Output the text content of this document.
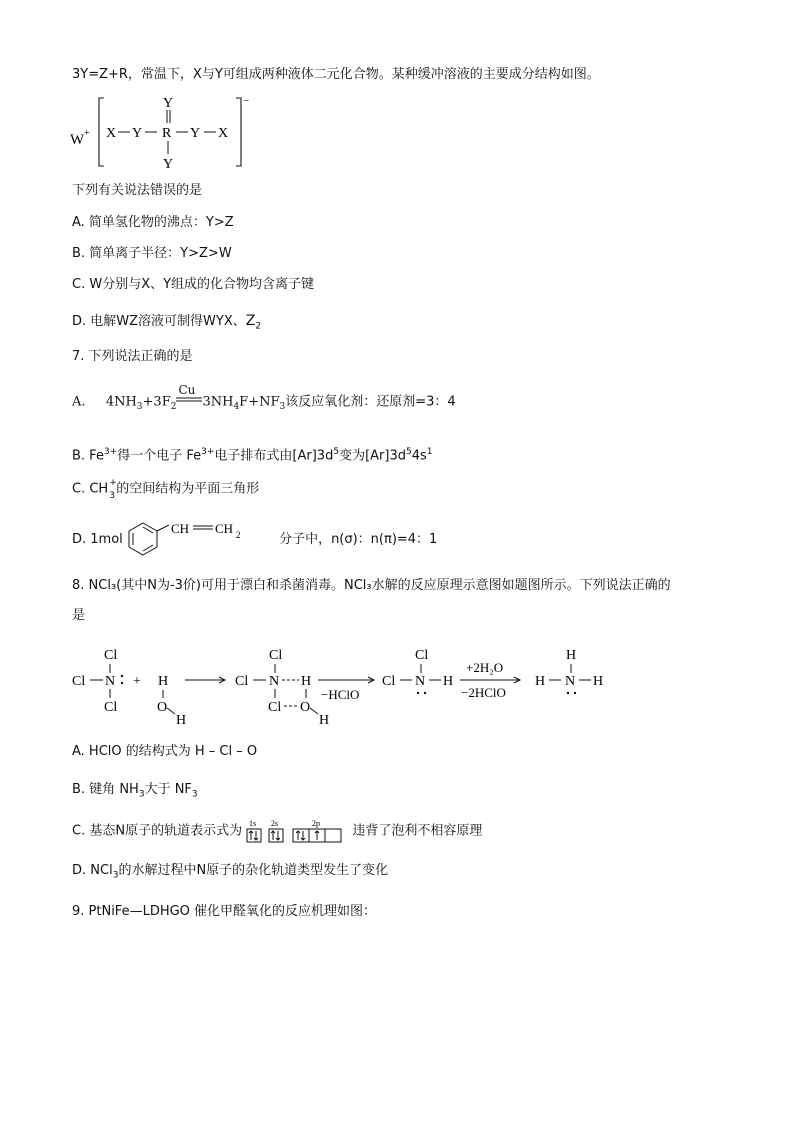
3Y=Z+R，常温下，X与Y可组成两种液体二元化合物。某种缓冲溶液的主要成分结构如图。
W +
−
X Y R Y X
Y
Y
下列有关说法错误的是
A. 简单氢化物的沸点：Y>Z
B. 简单离子半径：Y>Z>W
C. W分别与X、Y组成的化合物均含离子键
D. 电解WZ溶液可制得WYX、$Z_2$
7. 下列说法正确的是
A. $4NH_3+3F_2$
Cu
$3NH_4F+NF_3$该反应氧化剂：还原剂=3：4
B. $Fe^{3+}$得一个电子 $Fe^{3+}$电子排布式由$[Ar]3d^5$变为$[Ar]3d^54s^1$
C. CH +
3 的空间结构为平面三角形
D. 1mol
CH CH 2	分子中，n(σ)：n(π)=4：1
8. NCl₃(其中N为-3价)可用于漂白和杀菌消毒。NCl₃水解的反应原理示意图如题图所示。下列说法正确的
是
Cl
Cl N
Cl
+ H
O
H
Cl
Cl N H
Cl O
H
−HClO
Cl
Cl N H
+2H₂O
−2HClO
H
H N H
A. HClO 的结构式为 H – Cl – O
B. 键角 $NH_3$大于 $NF_3$
C. 基态N原子的轨道表示式为 1s 2s	2p 违背了泡利不相容原理
D. NCl$_3$的水解过程中N原子的杂化轨道类型发生了变化
9. PtNiFe—LDHGO 催化甲醛氧化的反应机理如图：
